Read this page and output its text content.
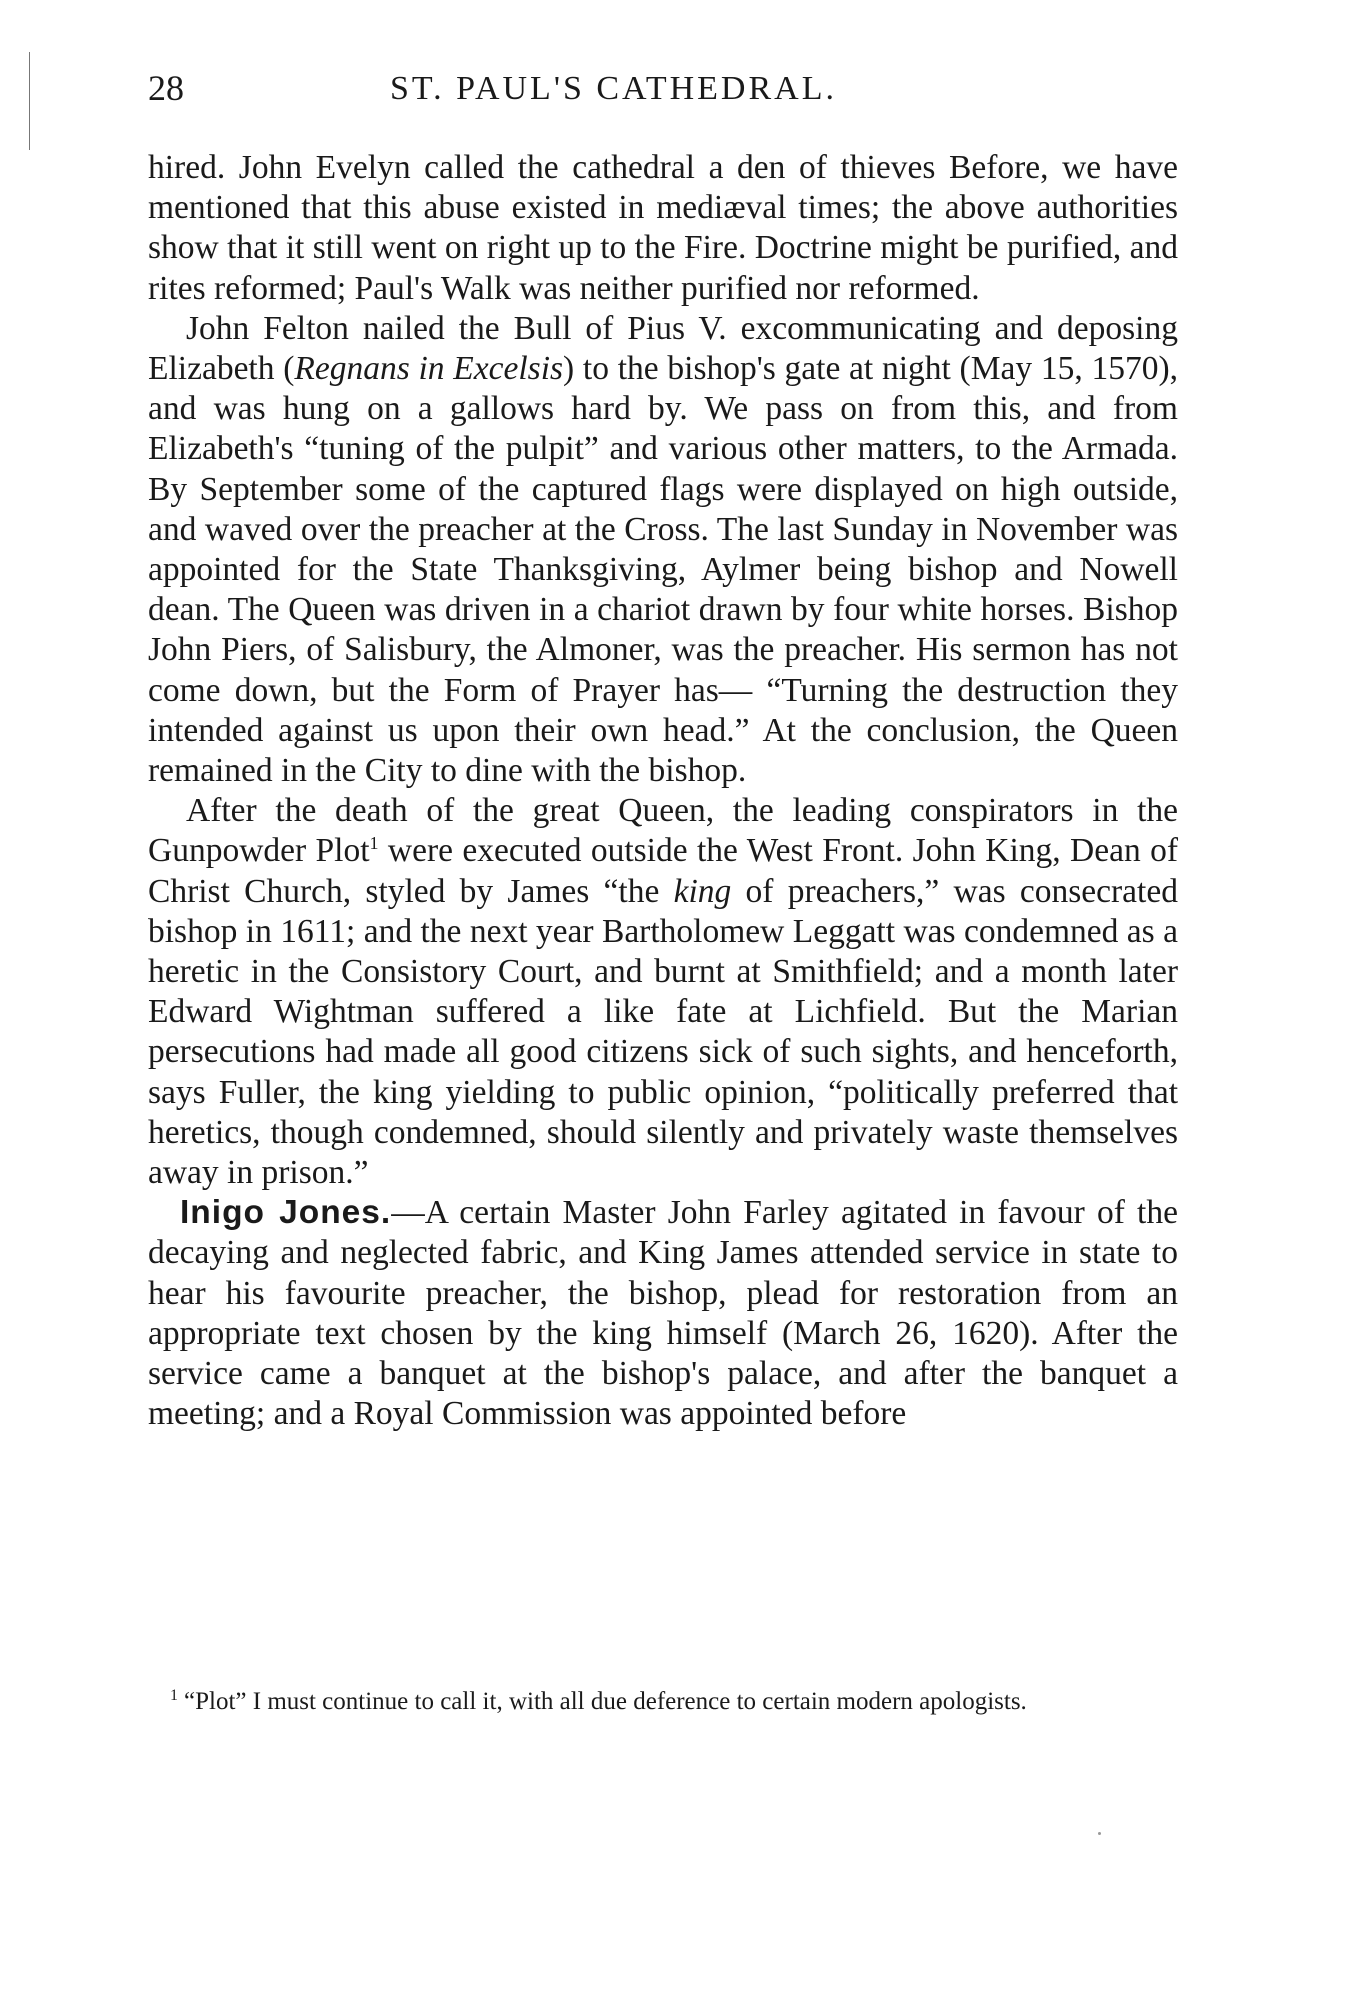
28	ST. PAUL'S CATHEDRAL.

hired. John Evelyn called the cathedral a den of thieves Before, we have mentioned that this abuse existed in mediæval times; the above authorities show that it still went on right up to the Fire. Doctrine might be purified, and rites reformed; Paul's Walk was neither purified nor reformed.

John Felton nailed the Bull of Pius V. excommunicating and deposing Elizabeth (Regnans in Excelsis) to the bishop's gate at night (May 15, 1570), and was hung on a gallows hard by. We pass on from this, and from Elizabeth's “tuning of the pulpit” and various other matters, to the Armada. By September some of the captured flags were displayed on high outside, and waved over the preacher at the Cross. The last Sunday in November was appointed for the State Thanksgiving, Aylmer being bishop and Nowell dean. The Queen was driven in a chariot drawn by four white horses. Bishop John Piers, of Salisbury, the Almoner, was the preacher. His sermon has not come down, but the Form of Prayer has— “Turning the destruction they intended against us upon their own head.” At the conclusion, the Queen remained in the City to dine with the bishop.

After the death of the great Queen, the leading conspirators in the Gunpowder Plot$^1$ were executed outside the West Front. John King, Dean of Christ Church, styled by James “the king of preachers,” was consecrated bishop in 1611; and the next year Bartholomew Leggatt was condemned as a heretic in the Consistory Court, and burnt at Smithfield; and a month later Edward Wightman suffered a like fate at Lichfield. But the Marian persecutions had made all good citizens sick of such sights, and henceforth, says Fuller, the king yielding to public opinion, “politically preferred that heretics, though condemned, should silently and privately waste themselves away in prison.”

Inigo Jones.—A certain Master John Farley agitated in favour of the decaying and neglected fabric, and King James attended service in state to hear his favourite preacher, the bishop, plead for restoration from an appropriate text chosen by the king himself (March 26, 1620). After the service came a banquet at the bishop's palace, and after the banquet a meeting; and a Royal Commission was appointed before

$^1$ “Plot” I must continue to call it, with all due deference to certain modern apologists.
